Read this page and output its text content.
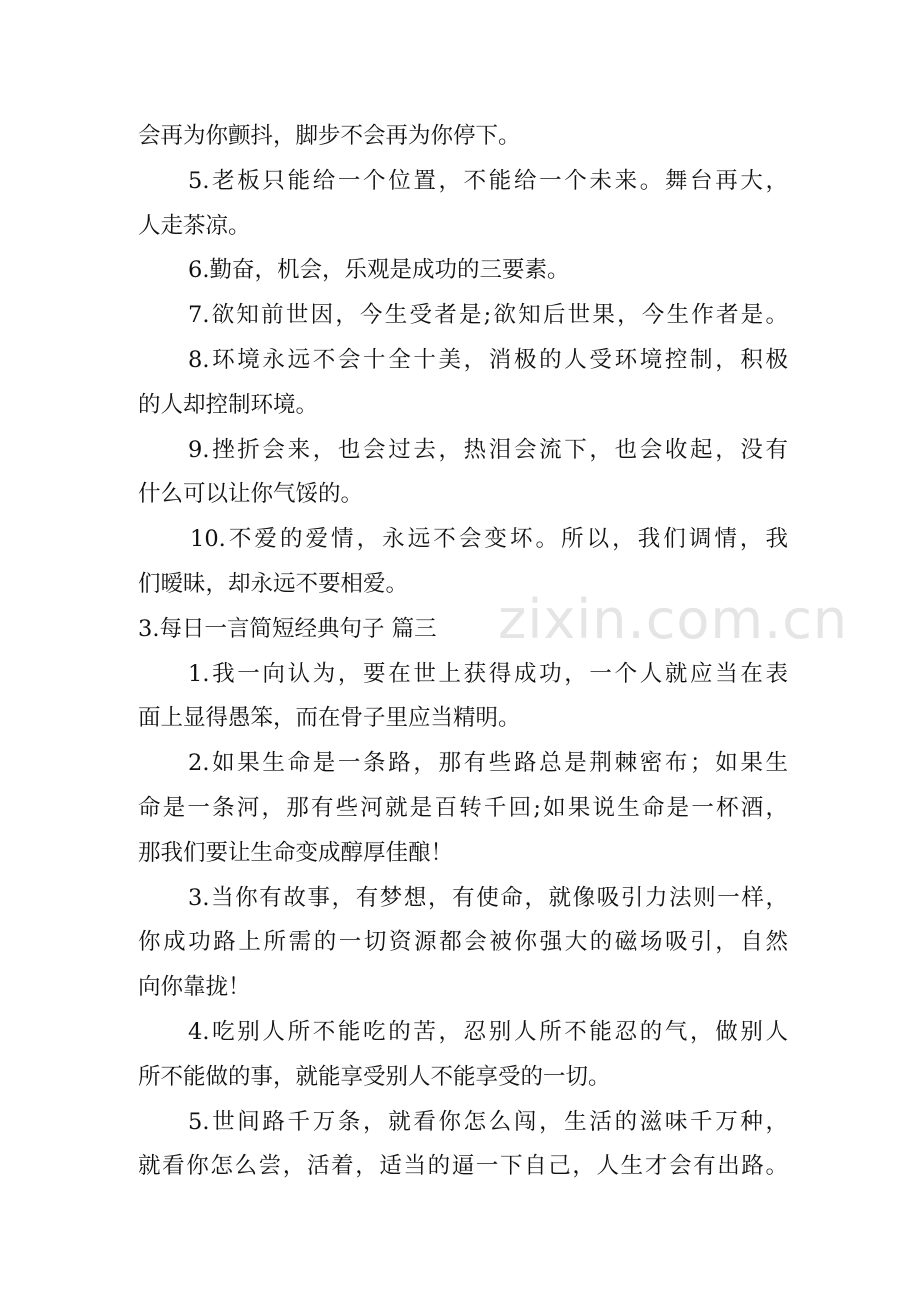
会再为你颤抖，脚步不会再为你停下。
5.老板只能给一个位置，不能给一个未来。舞台再大，
人走茶凉。
6.勤奋，机会，乐观是成功的三要素。
7.欲知前世因，今生受者是;欲知后世果，今生作者是。
8.环境永远不会十全十美，消极的人受环境控制，积极
的人却控制环境。
9.挫折会来，也会过去，热泪会流下，也会收起，没有
什么可以让你气馁的。
10.不爱的爱情，永远不会变坏。所以，我们调情，我
们暧昧，却永远不要相爱。
3.每日一言简短经典句子 篇三
1.我一向认为，要在世上获得成功，一个人就应当在表
面上显得愚笨，而在骨子里应当精明。
2.如果生命是一条路，那有些路总是荆棘密布；如果生
命是一条河，那有些河就是百转千回;如果说生命是一杯酒，
那我们要让生命变成醇厚佳酿！
3.当你有故事，有梦想，有使命，就像吸引力法则一样，
你成功路上所需的一切资源都会被你强大的磁场吸引，自然
向你靠拢！
4.吃别人所不能吃的苦，忍别人所不能忍的气，做别人
所不能做的事，就能享受别人不能享受的一切。
5.世间路千万条，就看你怎么闯，生活的滋味千万种，
就看你怎么尝，活着，适当的逼一下自己，人生才会有出路。
zixin.com.cn
